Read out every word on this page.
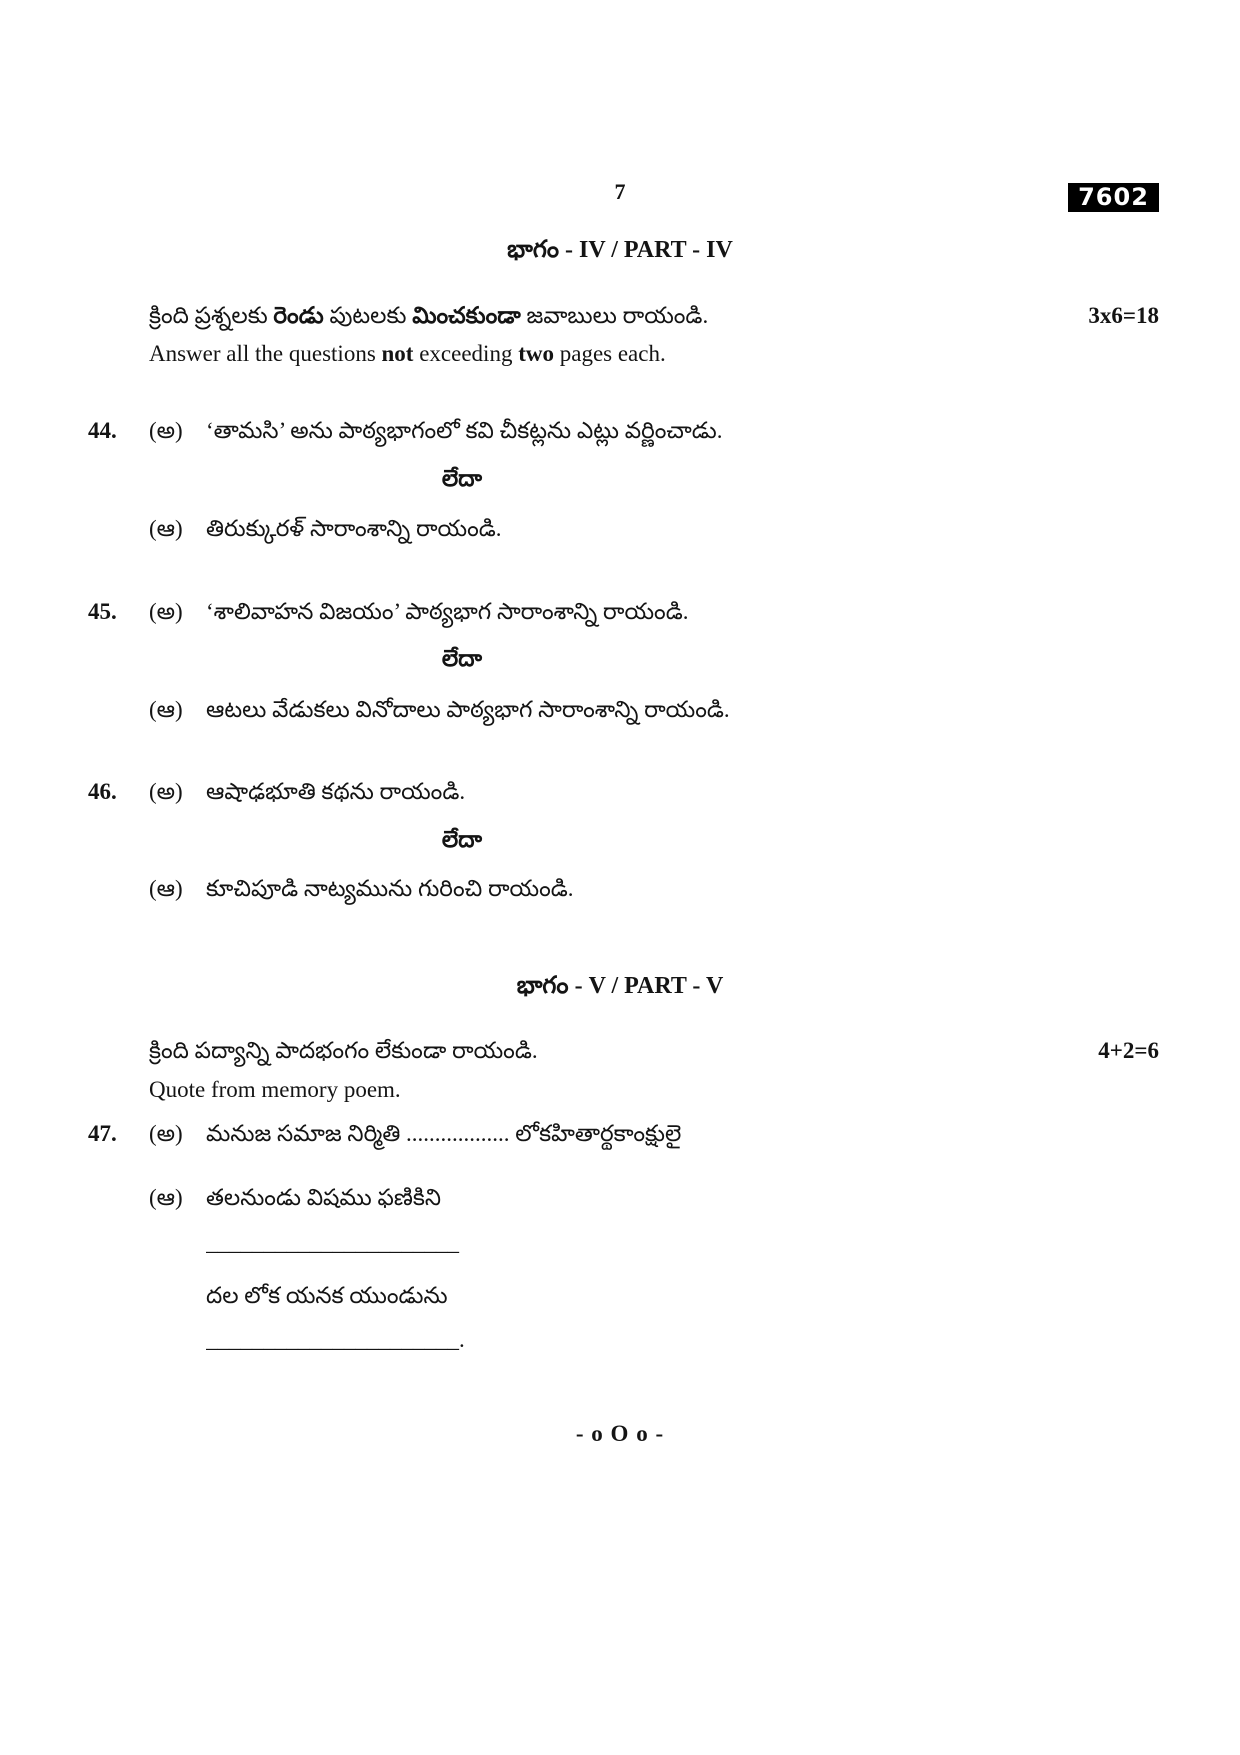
7	7602
భాగం - IV / PART - IV
క్రింది ప్రశ్నలకు రెండు పుటలకు మించకుండా జవాబులు రాయండి.	3x6=18
Answer all the questions not exceeding two pages each.
44. (అ) ‘తామసి’ అను పాఠ్యభాగంలో కవి చీకట్లను ఎట్లు వర్ణించాడు.
లేదా
(ఆ) తిరుక్కురళ్ సారాంశాన్ని రాయండి.
45. (అ) ‘శాలివాహన విజయం’ పాఠ్యభాగ సారాంశాన్ని రాయండి.
లేదా
(ఆ) ఆటలు వేడుకలు వినోదాలు పాఠ్యభాగ సారాంశాన్ని రాయండి.
46. (అ) ఆషాఢభూతి కథను రాయండి.
లేదా
(ఆ) కూచిపూడి నాట్యమును గురించి రాయండి.
భాగం - V / PART - V
క్రింది పద్యాన్ని పాదభంగం లేకుండా రాయండి.	4+2=6
Quote from memory poem.
47. (అ) మనుజ సమాజ నిర్మితి .................. లోకహితార్థకాంక్షులై
(ఆ) తలనుండు విషము ఫణికిని
______________________
దల లోక యనక యుండును
______________________.
- o O o -
